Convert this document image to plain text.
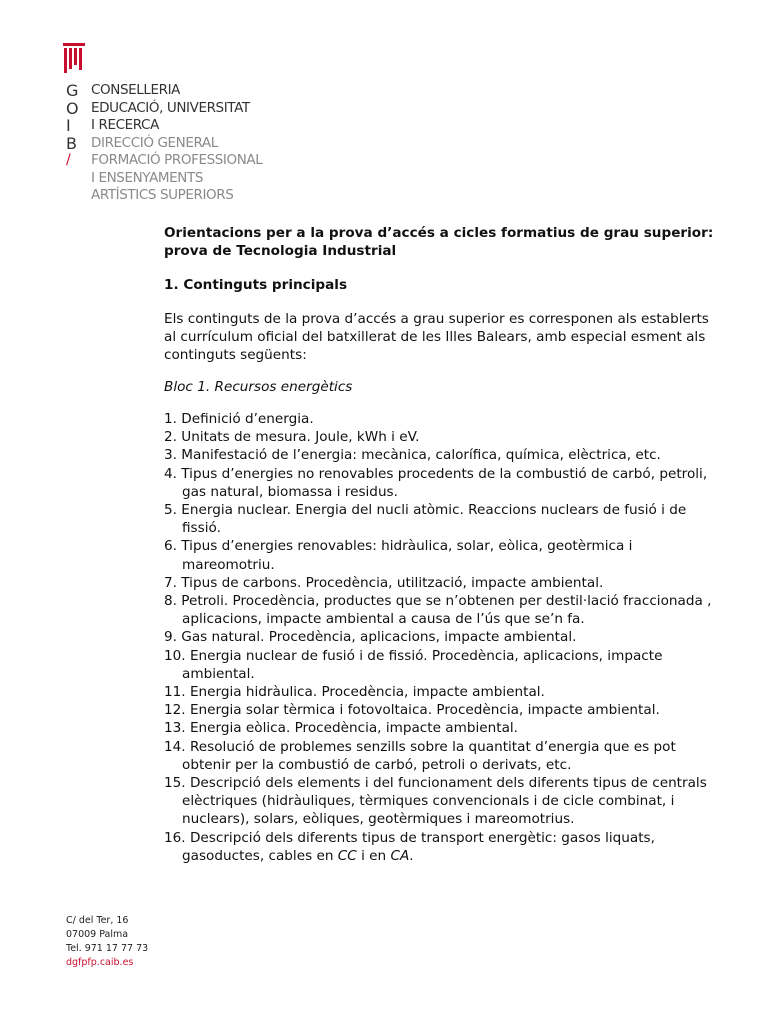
G
O
I
B
/
CONSELLERIA
EDUCACIÓ, UNIVERSITAT
I RECERCA
DIRECCIÓ GENERAL
FORMACIÓ PROFESSIONAL
I ENSENYAMENTS
ARTÍSTICS SUPERIORS

Orientacions per a la prova d’accés a cicles formatius de grau superior: prova de Tecnologia Industrial

1. Continguts principals
Els continguts de la prova d’accés a grau superior es corresponen als establerts al currículum oficial del batxillerat de les Illes Balears, amb especial esment als continguts següents:
Bloc 1. Recursos energètics
1. Definició d’energia.
2. Unitats de mesura. Joule, kWh i eV.
3. Manifestació de l’energia: mecànica, calorífica, química, elèctrica, etc.
4. Tipus d’energies no renovables procedents de la combustió de carbó, petroli, gas natural, biomassa i residus.
5. Energia nuclear. Energia del nucli atòmic. Reaccions nuclears de fusió i de fissió.
6. Tipus d’energies renovables: hidràulica, solar, eòlica, geotèrmica i mareomotriu.
7. Tipus de carbons. Procedència, utilització, impacte ambiental.
8. Petroli. Procedència, productes que se n’obtenen per destil·lació fraccionada , aplicacions, impacte ambiental a causa de l’ús que se’n fa.
9. Gas natural. Procedència, aplicacions, impacte ambiental.
10. Energia nuclear de fusió i de fissió. Procedència, aplicacions, impacte ambiental.
11. Energia hidràulica. Procedència, impacte ambiental.
12. Energia solar tèrmica i fotovoltaica. Procedència, impacte ambiental.
13. Energia eòlica. Procedència, impacte ambiental.
14. Resolució de problemes senzills sobre la quantitat d’energia que es pot obtenir per la combustió de carbó, petroli o derivats, etc.
15. Descripció dels elements i del funcionament dels diferents tipus de centrals elèctriques (hidràuliques, tèrmiques convencionals i de cicle combinat, i nuclears), solars, eòliques, geotèrmiques i mareomotrius.
16. Descripció dels diferents tipus de transport energètic: gasos liquats, gasoductes, cables en CC i en CA.
C/ del Ter, 16
07009 Palma
Tel. 971 17 77 73
dgfpfp.caib.es
